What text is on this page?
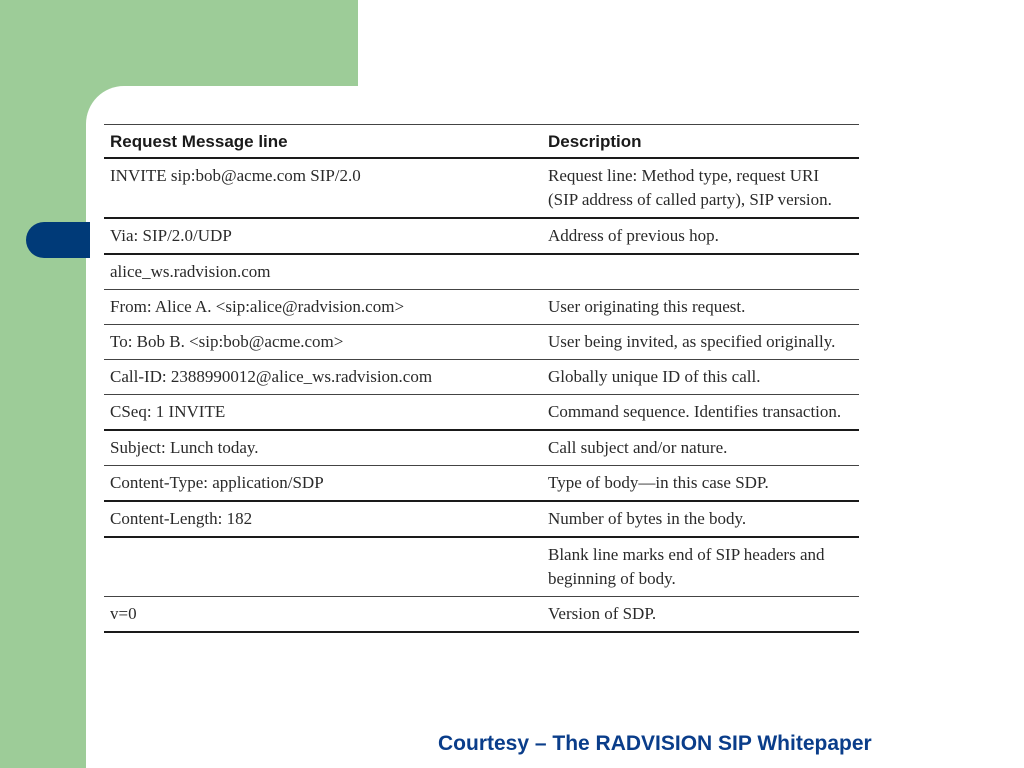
Request Message line	Description
INVITE sip:bob@acme.com SIP/2.0	Request line: Method type, request URI (SIP address of called party), SIP version.
Via: SIP/2.0/UDP	Address of previous hop.
alice_ws.radvision.com	
From: Alice A. <sip:alice@radvision.com>	User originating this request.
To: Bob B. <sip:bob@acme.com>	User being invited, as specified originally.
Call-ID: 2388990012@alice_ws.radvision.com	Globally unique ID of this call.
CSeq: 1 INVITE	Command sequence. Identifies transaction.
Subject: Lunch today.	Call subject and/or nature.
Content-Type: application/SDP	Type of body—in this case SDP.
Content-Length: 182	Number of bytes in the body.
	Blank line marks end of SIP headers and beginning of body.
v=0	Version of SDP.
Courtesy – The RADVISION SIP Whitepaper
